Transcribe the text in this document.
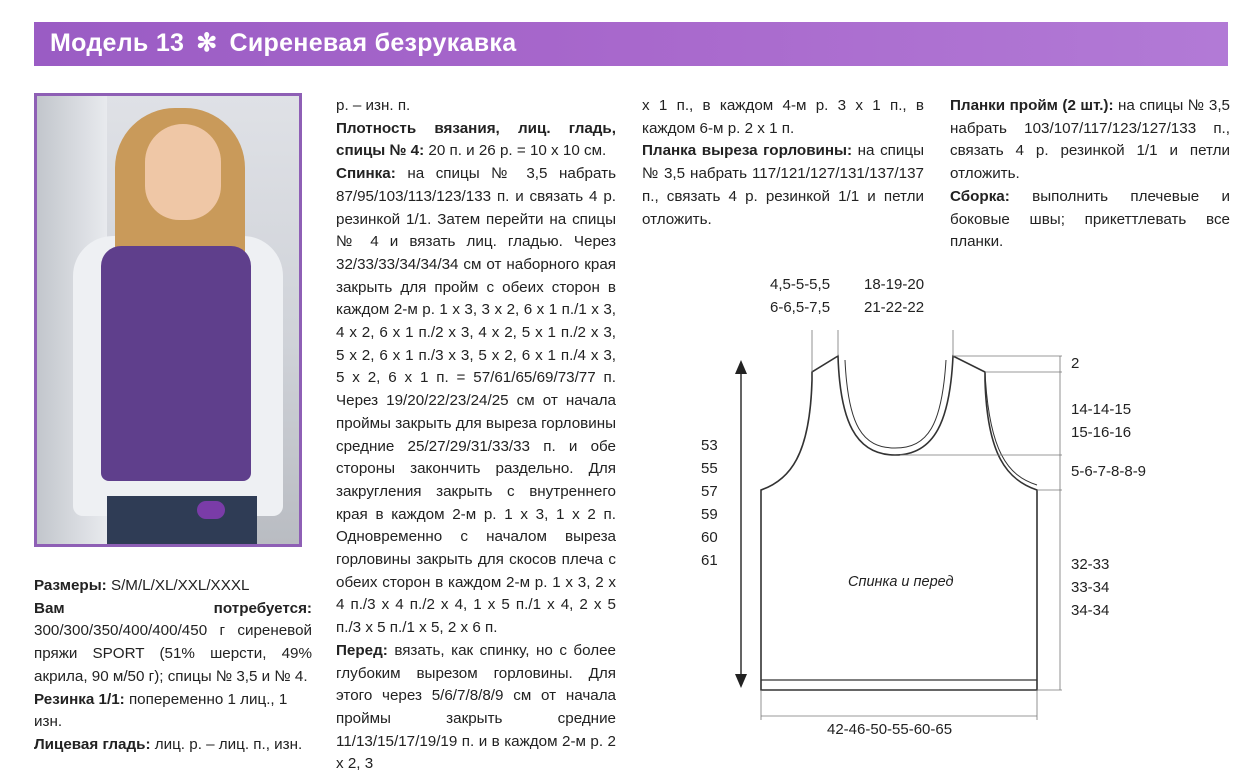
Модель 13 ✻ Сиреневая безрукавка

Размеры: S/M/L/XL/XXL/XXXL

Вам потребуется: 300/300/350/400/400/450 г сиреневой пряжи SPORT (51% шерсти, 49% акрила, 90 м/50 г); спицы № 3,5 и № 4.

Резинка 1/1: попеременно 1 лиц., 1 изн.

Лицевая гладь: лиц. р. – лиц. п., изн.

р. – изн. п.

Плотность вязания, лиц. гладь, спицы № 4: 20 п. и 26 р. = 10 х 10 см.

Спинка: на спицы № 3,5 набрать 87/95/103/113/123/133 п. и связать 4 р. резинкой 1/1. Затем перейти на спицы № 4 и вязать лиц. гладью. Через 32/33/33/34/34/34 см от наборного края закрыть для пройм с обеих сторон в каждом 2-м р. 1 х 3, 3 х 2, 6 х 1 п./1 х 3, 4 х 2, 6 х 1 п./2 х 3, 4 х 2, 5 х 1 п./2 х 3, 5 х 2, 6 х 1 п./3 х 3, 5 х 2, 6 х 1 п./4 х 3, 5 х 2, 6 х 1 п. = 57/61/65/69/73/77 п. Через 19/20/22/23/24/25 см от начала проймы закрыть для выреза горловины средние 25/27/29/31/33/33 п. и обе стороны закончить раздельно. Для закругления закрыть с внутреннего края в каждом 2-м р. 1 х 3, 1 х 2 п. Одновременно с началом выреза горловины закрыть для скосов плеча с обеих сторон в каждом 2-м р. 1 х 3, 2 х 4 п./3 х 4 п./2 х 4, 1 х 5 п./1 х 4, 2 х 5 п./3 х 5 п./1 х 5, 2 х 6 п.

Перед: вязать, как спинку, но с более глубоким вырезом горловины. Для этого через 5/6/7/8/8/9 см от начала проймы закрыть средние 11/13/15/17/19/19 п. и в каждом 2-м р. 2 х 2, 3

х 1 п., в каждом 4-м р. 3 х 1 п., в каждом 6-м р. 2 х 1 п.

Планка выреза горловины: на спицы № 3,5 набрать 117/121/127/131/137/137 п., связать 4 р. резинкой 1/1 и петли отложить.

Планки пройм (2 шт.): на спицы № 3,5 набрать 103/107/117/123/127/133 п., связать 4 р. резинкой 1/1 и петли отложить.

Сборка: выполнить плечевые и боковые швы; прикеттлевать все планки.

4,5-5-5,5
6-6,5-7,5
18-19-20
21-22-22
2
14-14-15
15-16-16
5-6-7-8-8-9
32-33
33-34
34-34
53
55
57
59
60
61
42-46-50-55-60-65
Спинка и перед
